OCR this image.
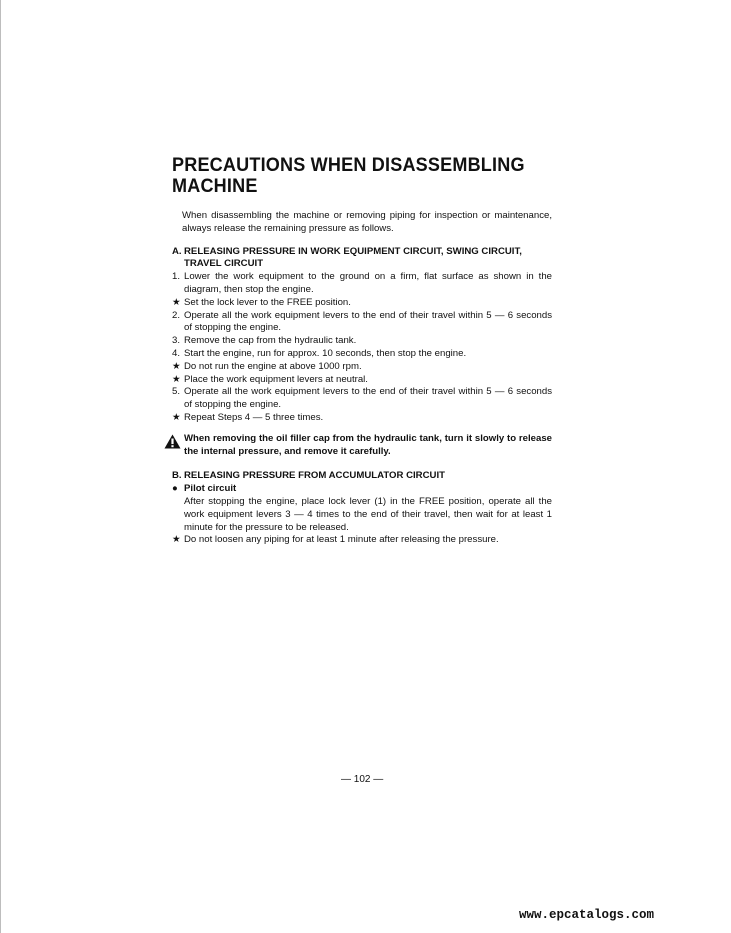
PRECAUTIONS WHEN DISASSEMBLING MACHINE
When disassembling the machine or removing piping for inspection or maintenance, always release the remaining pressure as follows.
A. RELEASING PRESSURE IN WORK EQUIPMENT CIRCUIT, SWING CIRCUIT, TRAVEL CIRCUIT
1. Lower the work equipment to the ground on a firm, flat surface as shown in the diagram, then stop the engine.
★ Set the lock lever to the FREE position.
2. Operate all the work equipment levers to the end of their travel within 5 — 6 seconds of stopping the engine.
3. Remove the cap from the hydraulic tank.
4. Start the engine, run for approx. 10 seconds, then stop the engine.
★ Do not run the engine at above 1000 rpm.
★ Place the work equipment levers at neutral.
5. Operate all the work equipment levers to the end of their travel within 5 — 6 seconds of stopping the engine.
★ Repeat Steps 4 — 5 three times.
When removing the oil filler cap from the hydraulic tank, turn it slowly to release the internal pressure, and remove it carefully.
B. RELEASING PRESSURE FROM ACCUMULATOR CIRCUIT
● Pilot circuit
After stopping the engine, place lock lever (1) in the FREE position, operate all the work equipment levers 3 — 4 times to the end of their travel, then wait for at least 1 minute for the pressure to be released.
★ Do not loosen any piping for at least 1 minute after releasing the pressure.
— 102 —
www.epcatalogs.com
